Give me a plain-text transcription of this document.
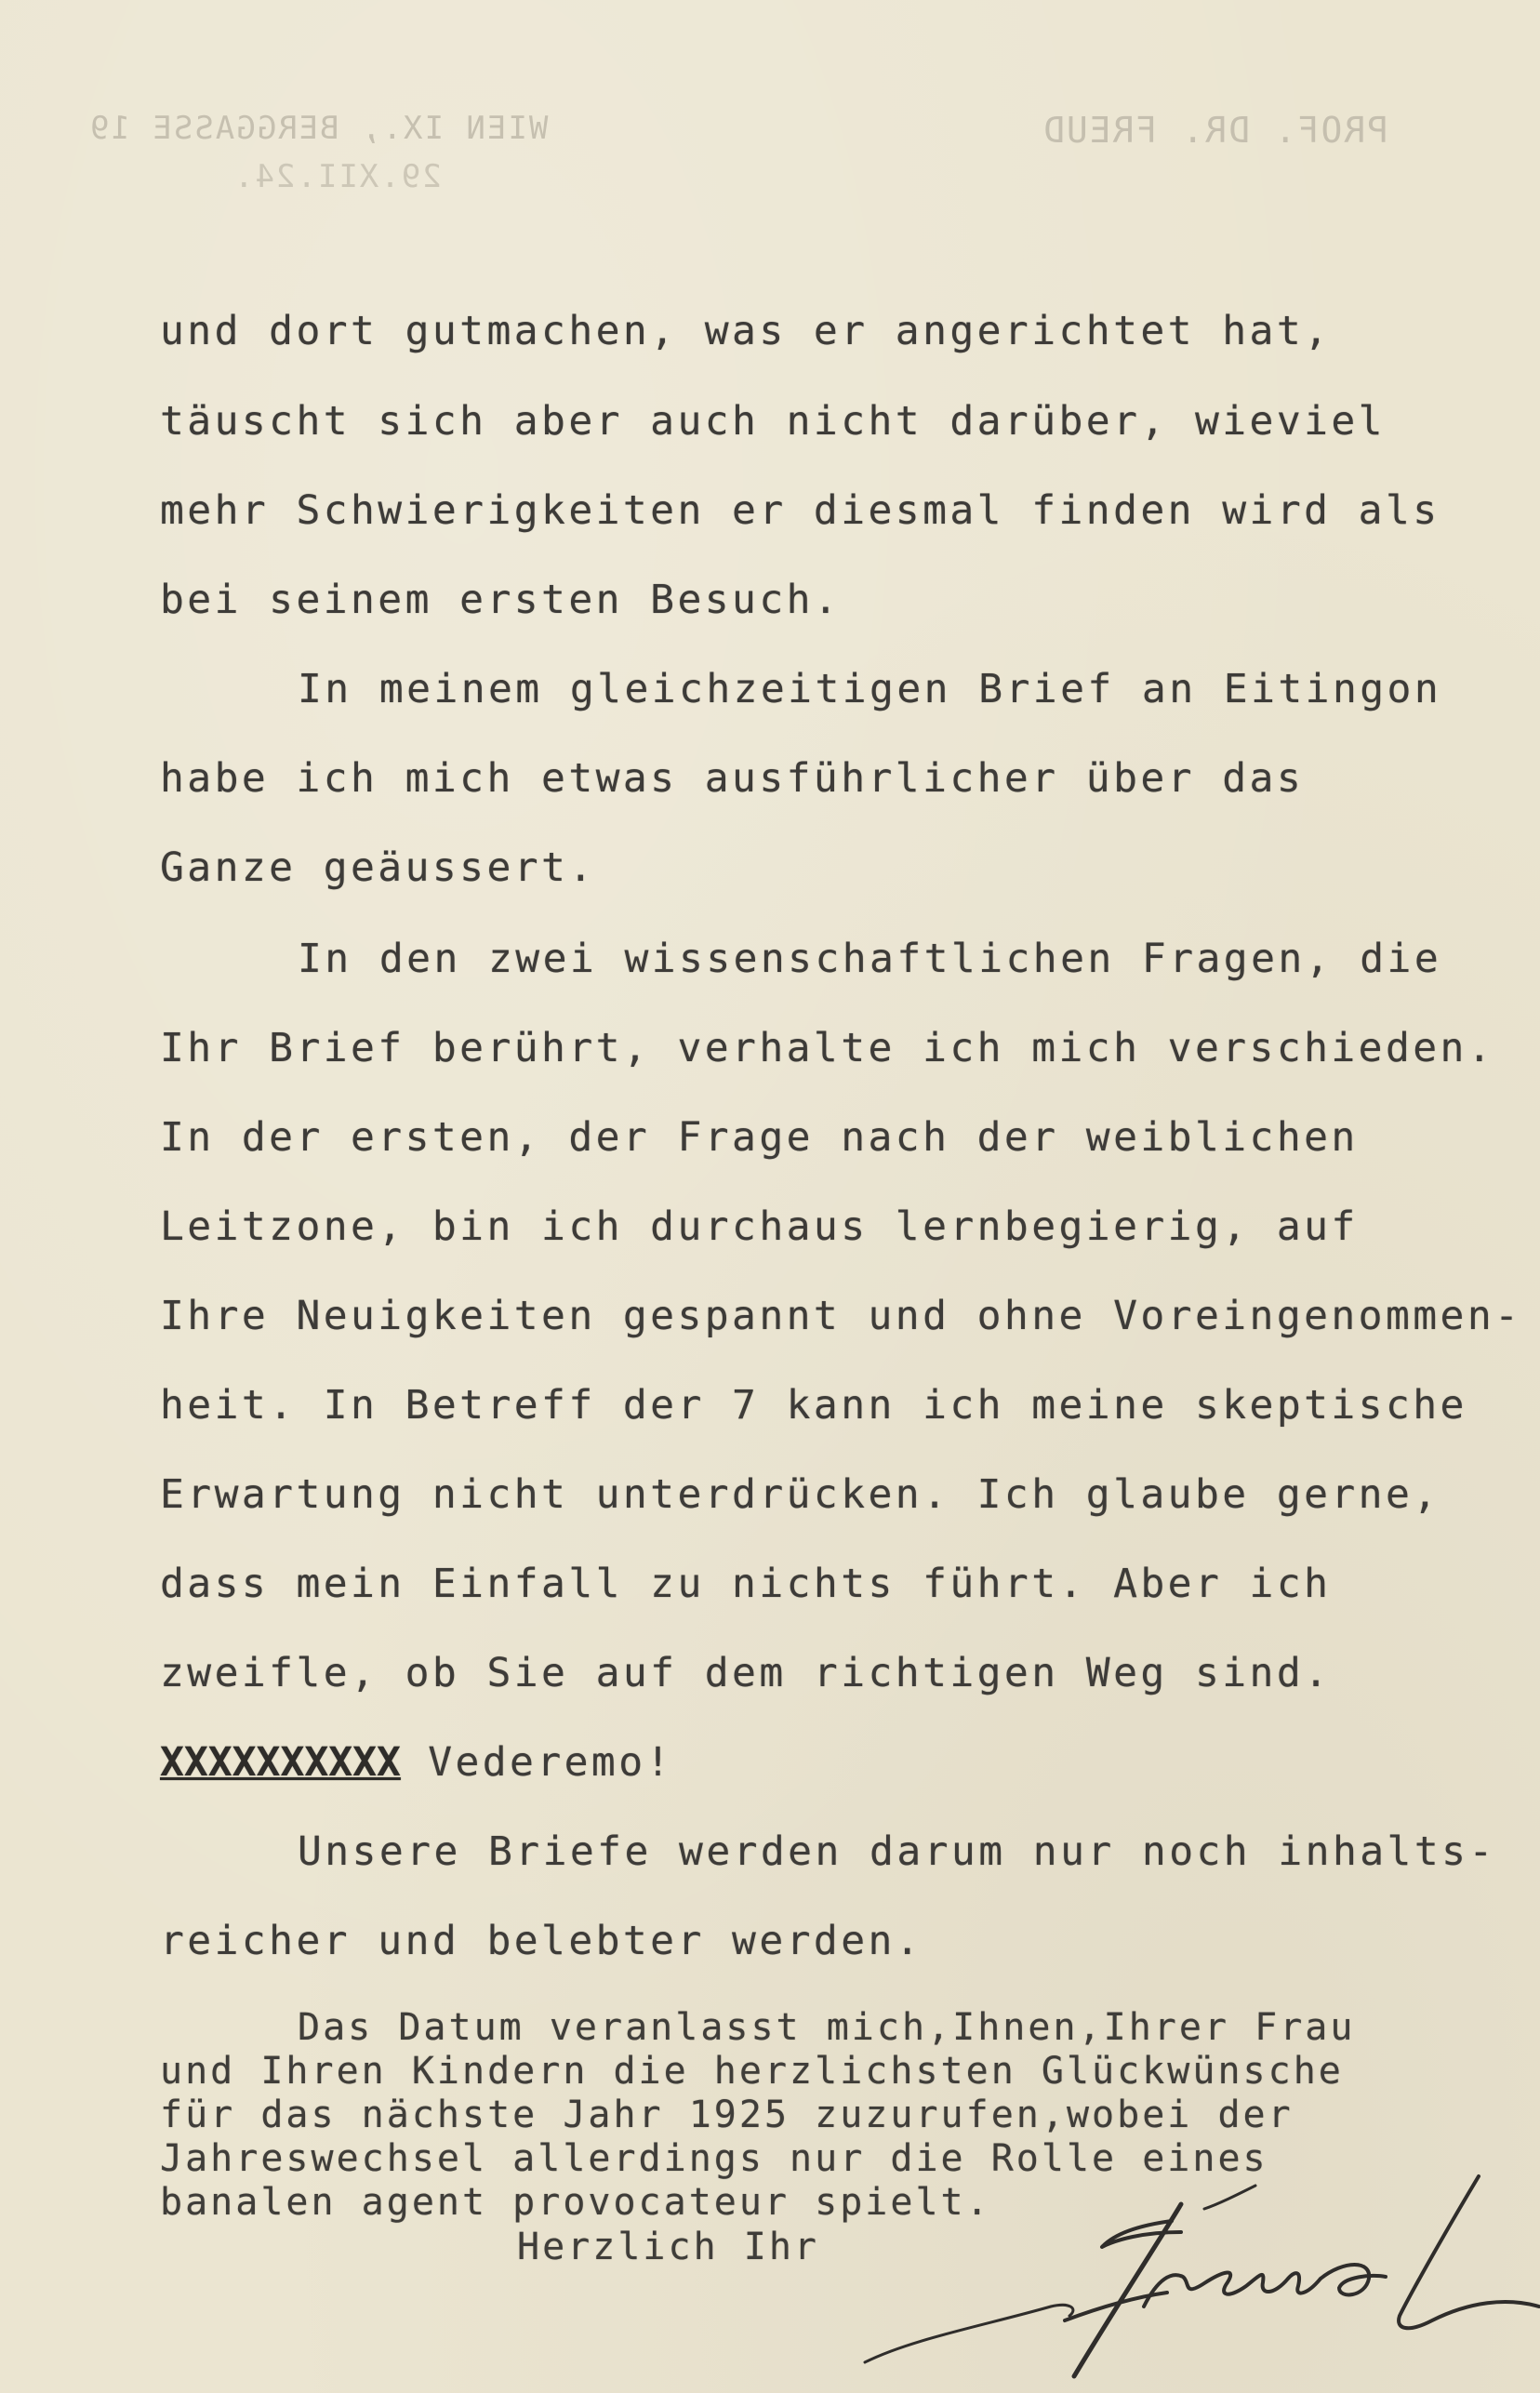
WIEN IX., BERGGASSE 19	PROF. DR. FREUD
29.XII.24.

und dort gutmachen, was er angerichtet hat,

täuscht sich aber auch nicht darüber, wieviel

mehr Schwierigkeiten er diesmal finden wird als

bei seinem ersten Besuch.

In meinem gleichzeitigen Brief an Eitingon

habe ich mich etwas ausführlicher über das

Ganze geäussert.

In den zwei wissenschaftlichen Fragen, die

Ihr Brief berührt, verhalte ich mich verschieden.

In der ersten, der Frage nach der weiblichen

Leitzone, bin ich durchaus lernbegierig, auf

Ihre Neuigkeiten gespannt und ohne Voreingenommen-

heit. In Betreff der 7 kann ich meine skeptische

Erwartung nicht unterdrücken. Ich glaube gerne,

dass mein Einfall zu nichts führt. Aber ich

zweifle, ob Sie auf dem richtigen Weg sind.

XXXXXXXXXX Vederemo!

Unsere Briefe werden darum nur noch inhalts-

reicher und belebter werden.

Das Datum veranlasst mich,Ihnen,Ihrer Frau

und Ihren Kindern die herzlichsten Glückwünsche

für das nächste Jahr 1925 zuzurufen,wobei der

Jahreswechsel allerdings nur die Rolle eines

banalen agent provocateur spielt.

Herzlich Ihr
